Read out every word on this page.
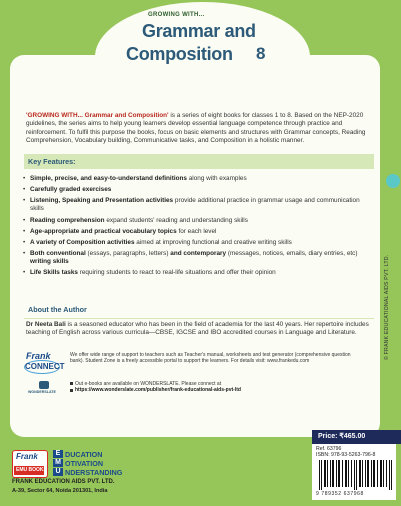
GROWING WITH...
Grammar and
Composition 8
'GROWING WITH... Grammar and Composition' is a series of eight books for classes 1 to 8. Based on the NEP-2020 guidelines, the series aims to help young learners develop essential language competence through practice and reinforcement. To fulfil this purpose the books, focus on basic elements and structures with Grammar concepts, Reading Comprehension, Vocabulary building, Communicative tasks, and Composition in a holistic manner.
Key Features:
• Simple, precise, and easy-to-understand definitions along with examples
• Carefully graded exercises
• Listening, Speaking and Presentation activities provide additional practice in grammar usage and communication skills
• Reading comprehension expand students' reading and understanding skills
• Age-appropriate and practical vocabulary topics for each level
• A variety of Composition activities aimed at improving functional and creative writing skills
• Both conventional (essays, paragraphs, letters) and contemporary (messages, notices, emails, diary entries, etc) writing skills
• Life Skills tasks requiring students to react to real-life situations and offer their opinion
About the Author
Dr Neeta Bali is a seasoned educator who has been in the field of academia for the last 40 years. Her repertoire includes teaching of English across various curricula—CBSE, IGCSE and IBO accredited courses in Language and Literature.
Frank
CONNECT
WONDERSLATE
We offer wide range of support to teachers such as Teacher's manual, worksheets and test generator (comprehensive question bank). Student Zone is a freely accessible portal to support the learners. For details visit: www.frankedu.com
Out e-books are available on WONDERSLATE. Please connect at
https://www.wonderslate.com/publisher/frank-educational-aids-pvt-ltd
© FRANK EDUCATIONAL AIDS PVT. LTD.
Frank
EMU BOOKS
E
M
U
DUCATION
OTIVATION
NDERSTANDING
FRANK EDUCATION AIDS PVT. LTD.
A-39, Sector 64, Noida 201301, India
Price: ₹465.00
Ref. 63796
ISBN: 978-93-5263-796-8
9 789352 637968
